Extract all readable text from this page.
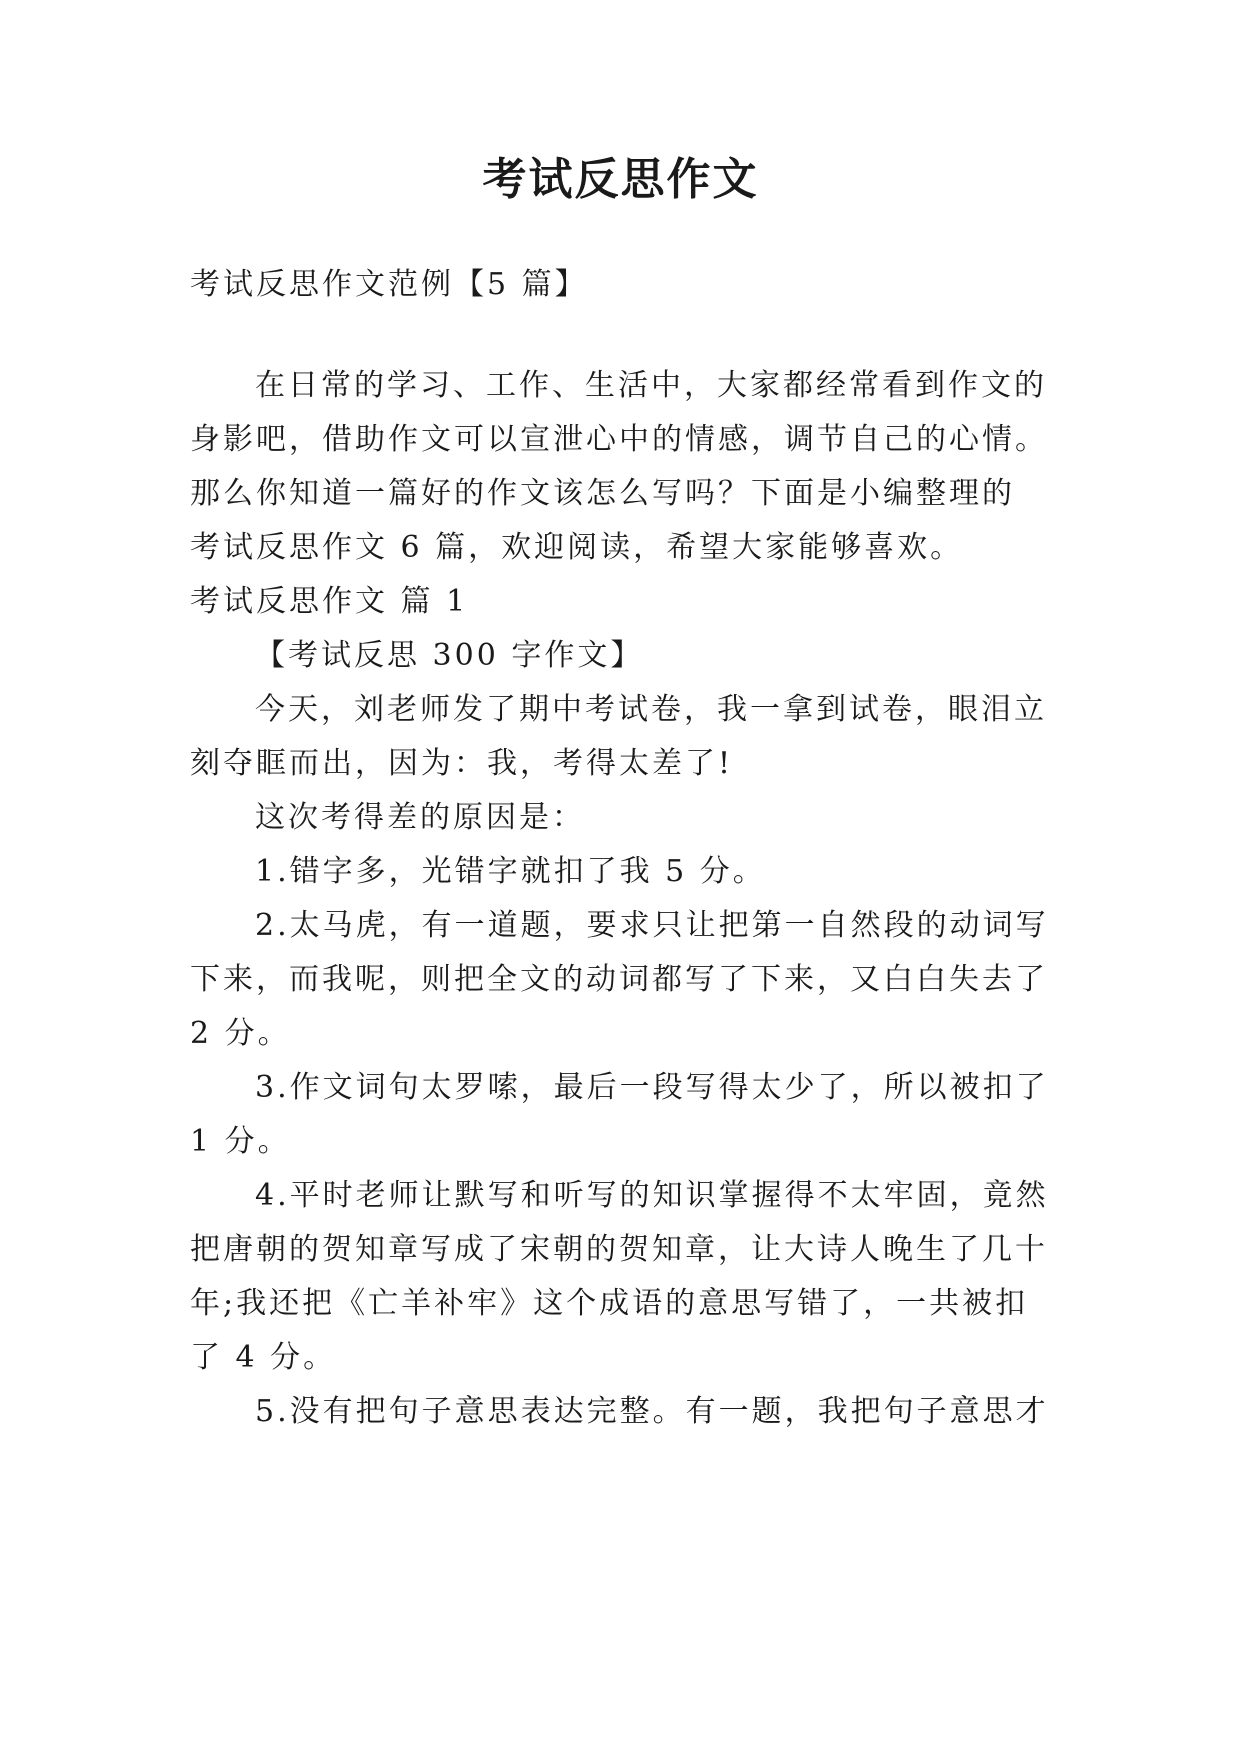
考试反思作文

考试反思作文范例【5 篇】

在日常的学习、工作、生活中，大家都经常看到作文的

身影吧，借助作文可以宣泄心中的情感，调节自己的心情。

那么你知道一篇好的作文该怎么写吗？下面是小编整理的

考试反思作文 6 篇，欢迎阅读，希望大家能够喜欢。

考试反思作文 篇 1

【考试反思 300 字作文】

今天，刘老师发了期中考试卷，我一拿到试卷，眼泪立

刻夺眶而出，因为：我，考得太差了!

这次考得差的原因是：

1.错字多，光错字就扣了我 5 分。

2.太马虎，有一道题，要求只让把第一自然段的动词写

下来，而我呢，则把全文的动词都写了下来，又白白失去了

2 分。

3.作文词句太罗嗦，最后一段写得太少了，所以被扣了

1 分。

4.平时老师让默写和听写的知识掌握得不太牢固，竟然

把唐朝的贺知章写成了宋朝的贺知章，让大诗人晚生了几十

年;我还把《亡羊补牢》这个成语的意思写错了，一共被扣

了 4 分。

5.没有把句子意思表达完整。有一题，我把句子意思才
